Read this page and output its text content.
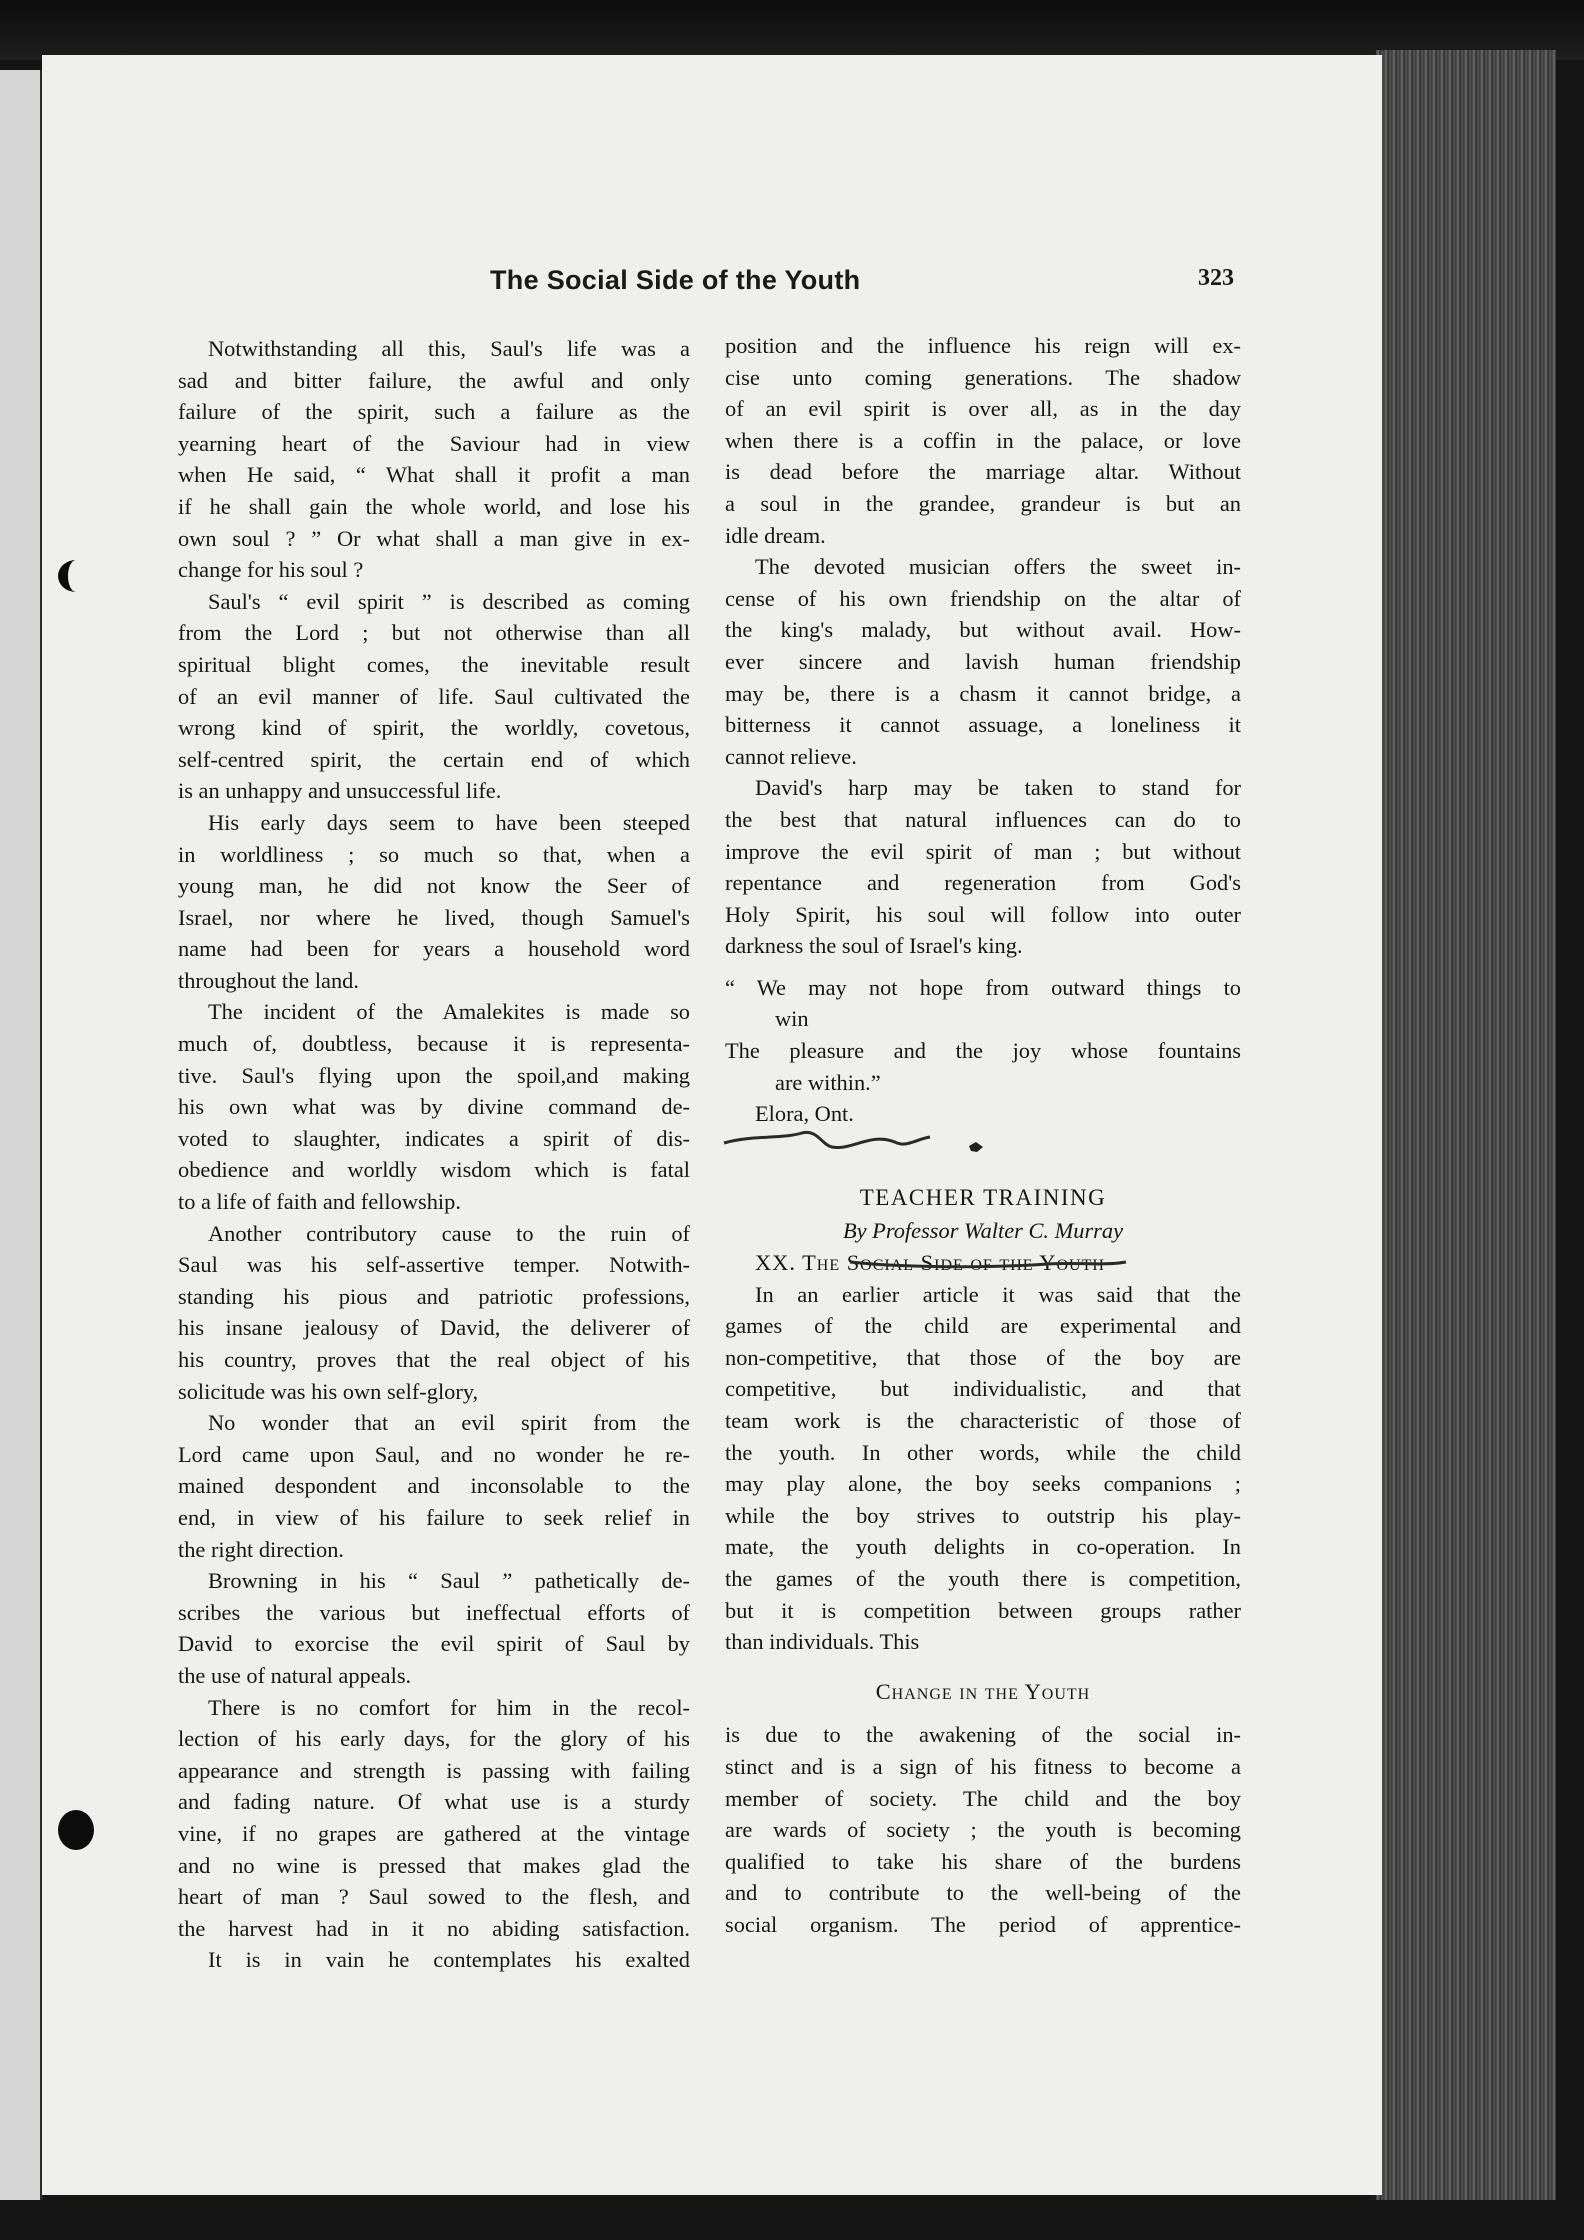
The Social Side of the Youth	323
Notwithstanding all this, Saul's life was a
sad and bitter failure, the awful and only
failure of the spirit, such a failure as the
yearning heart of the Saviour had in view
when He said, “ What shall it profit a man
if he shall gain the whole world, and lose his
own soul ? ” Or what shall a man give in ex-
change for his soul ?
Saul's “ evil spirit ” is described as coming
from the Lord ; but not otherwise than all
spiritual blight comes, the inevitable result
of an evil manner of life. Saul cultivated the
wrong kind of spirit, the worldly, covetous,
self-centred spirit, the certain end of which
is an unhappy and unsuccessful life.
His early days seem to have been steeped
in worldliness ; so much so that, when a
young man, he did not know the Seer of
Israel, nor where he lived, though Samuel's
name had been for years a household word
throughout the land.
The incident of the Amalekites is made so
much of, doubtless, because it is representa-
tive. Saul's flying upon the spoil,and making
his own what was by divine command de-
voted to slaughter, indicates a spirit of dis-
obedience and worldly wisdom which is fatal
to a life of faith and fellowship.
Another contributory cause to the ruin of
Saul was his self-assertive temper. Notwith-
standing his pious and patriotic professions,
his insane jealousy of David, the deliverer of
his country, proves that the real object of his
solicitude was his own self-glory,
No wonder that an evil spirit from the
Lord came upon Saul, and no wonder he re-
mained despondent and inconsolable to the
end, in view of his failure to seek relief in
the right direction.
Browning in his “ Saul ” pathetically de-
scribes the various but ineffectual efforts of
David to exorcise the evil spirit of Saul by
the use of natural appeals.
There is no comfort for him in the recol-
lection of his early days, for the glory of his
appearance and strength is passing with failing
and fading nature. Of what use is a sturdy
vine, if no grapes are gathered at the vintage
and no wine is pressed that makes glad the
heart of man ? Saul sowed to the flesh, and
the harvest had in it no abiding satisfaction.
It is in vain he contemplates his exalted
position and the influence his reign will ex-
cise unto coming generations. The shadow
of an evil spirit is over all, as in the day
when there is a coffin in the palace, or love
is dead before the marriage altar. Without
a soul in the grandee, grandeur is but an
idle dream.
The devoted musician offers the sweet in-
cense of his own friendship on the altar of
the king's malady, but without avail. How-
ever sincere and lavish human friendship
may be, there is a chasm it cannot bridge, a
bitterness it cannot assuage, a loneliness it
cannot relieve.
David's harp may be taken to stand for
the best that natural influences can do to
improve the evil spirit of man ; but without
repentance and regeneration from God's
Holy Spirit, his soul will follow into outer
darkness the soul of Israel's king.
“ We may not hope from outward things to
win
The pleasure and the joy whose fountains
are within.”
Elora, Ont.
TEACHER TRAINING
By Professor Walter C. Murray
XX. The Social Side of the Youth
In an earlier article it was said that the
games of the child are experimental and
non-competitive, that those of the boy are
competitive, but individualistic, and that
team work is the characteristic of those of
the youth. In other words, while the child
may play alone, the boy seeks companions ;
while the boy strives to outstrip his play-
mate, the youth delights in co-operation. In
the games of the youth there is competition,
but it is competition between groups rather
than individuals. This
Change in the Youth
is due to the awakening of the social in-
stinct and is a sign of his fitness to become a
member of society. The child and the boy
are wards of society ; the youth is becoming
qualified to take his share of the burdens
and to contribute to the well-being of the
social organism. The period of apprentice-
